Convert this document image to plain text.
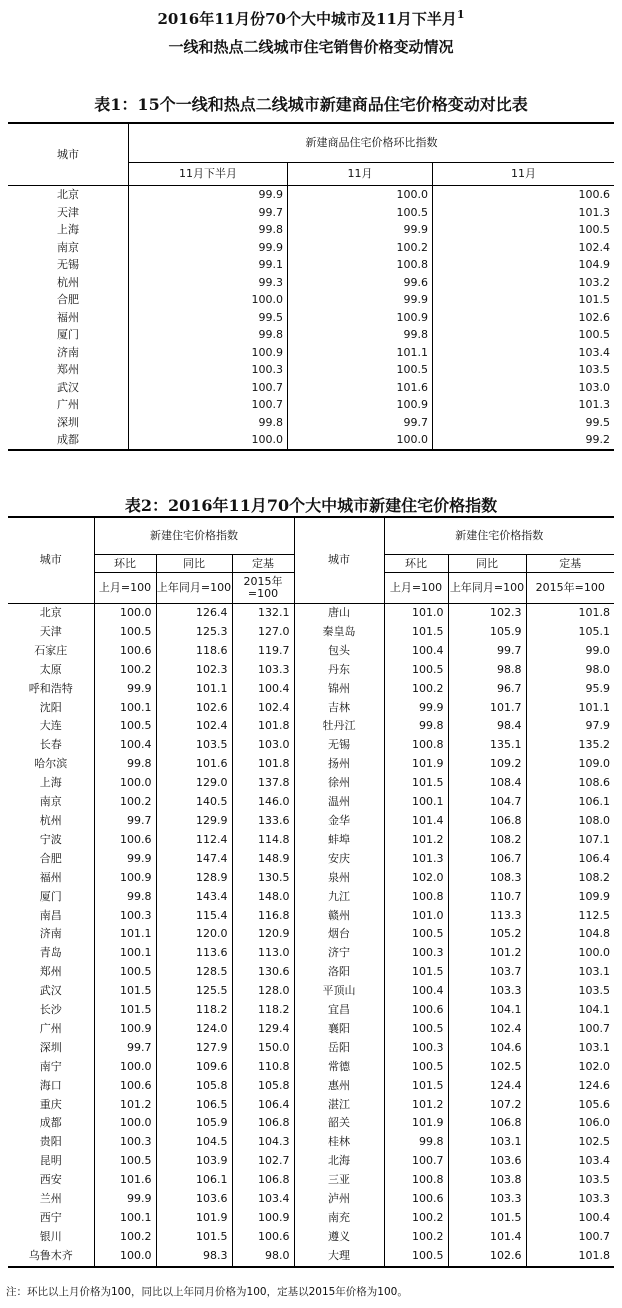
2016年11月份70个大中城市及11月下半月$^1$
一线和热点二线城市住宅销售价格变动情况
表1：15个一线和热点二线城市新建商品住宅价格变动对比表
城市	新建商品住宅价格环比指数		
	11月下半月	11月	11月
北京	99.9	100.0	100.6
天津	99.7	100.5	101.3
上海	99.8	99.9	100.5
南京	99.9	100.2	102.4
无锡	99.1	100.8	104.9
杭州	99.3	99.6	103.2
合肥	100.0	99.9	101.5
福州	99.5	100.9	102.6
厦门	99.8	99.8	100.5
济南	100.9	101.1	103.4
郑州	100.3	100.5	103.5
武汉	100.7	101.6	103.0
广州	100.7	100.9	101.3
深圳	99.8	99.7	99.5
成都	100.0	100.0	99.2
表2：2016年11月70个大中城市新建住宅价格指数
城市	新建住宅价格指数			城市	新建住宅价格指数		
	环比	同比	定基		环比	同比	定基
	上月=100	上年同月=100	2015年=100		上月=100	上年同月=100	2015年=100
北京	100.0	126.4	132.1	唐山	101.0	102.3	101.8
天津	100.5	125.3	127.0	秦皇岛	101.5	105.9	105.1
石家庄	100.6	118.6	119.7	包头	100.4	99.7	99.0
太原	100.2	102.3	103.3	丹东	100.5	98.8	98.0
呼和浩特	99.9	101.1	100.4	锦州	100.2	96.7	95.9
沈阳	100.1	102.6	102.4	吉林	99.9	101.7	101.1
大连	100.5	102.4	101.8	牡丹江	99.8	98.4	97.9
长春	100.4	103.5	103.0	无锡	100.8	135.1	135.2
哈尔滨	99.8	101.6	101.8	扬州	101.9	109.2	109.0
上海	100.0	129.0	137.8	徐州	101.5	108.4	108.6
南京	100.2	140.5	146.0	温州	100.1	104.7	106.1
杭州	99.7	129.9	133.6	金华	101.4	106.8	108.0
宁波	100.6	112.4	114.8	蚌埠	101.2	108.2	107.1
合肥	99.9	147.4	148.9	安庆	101.3	106.7	106.4
福州	100.9	128.9	130.5	泉州	102.0	108.3	108.2
厦门	99.8	143.4	148.0	九江	100.8	110.7	109.9
南昌	100.3	115.4	116.8	赣州	101.0	113.3	112.5
济南	101.1	120.0	120.9	烟台	100.5	105.2	104.8
青岛	100.1	113.6	113.0	济宁	100.3	101.2	100.0
郑州	100.5	128.5	130.6	洛阳	101.5	103.7	103.1
武汉	101.5	125.5	128.0	平顶山	100.4	103.3	103.5
长沙	101.5	118.2	118.2	宜昌	100.6	104.1	104.1
广州	100.9	124.0	129.4	襄阳	100.5	102.4	100.7
深圳	99.7	127.9	150.0	岳阳	100.3	104.6	103.1
南宁	100.0	109.6	110.8	常德	100.5	102.5	102.0
海口	100.6	105.8	105.8	惠州	101.5	124.4	124.6
重庆	101.2	106.5	106.4	湛江	101.2	107.2	105.6
成都	100.0	105.9	106.8	韶关	101.9	106.8	106.0
贵阳	100.3	104.5	104.3	桂林	99.8	103.1	102.5
昆明	100.5	103.9	102.7	北海	100.7	103.6	103.4
西安	101.6	106.1	106.8	三亚	100.8	103.8	103.5
兰州	99.9	103.6	103.4	泸州	100.6	103.3	103.3
西宁	100.1	101.9	100.9	南充	100.2	101.5	100.4
银川	100.2	101.5	100.6	遵义	100.2	101.4	100.7
乌鲁木齐	100.0	98.3	98.0	大理	100.5	102.6	101.8
注：环比以上月价格为100，同比以上年同月价格为100，定基以2015年价格为100。
